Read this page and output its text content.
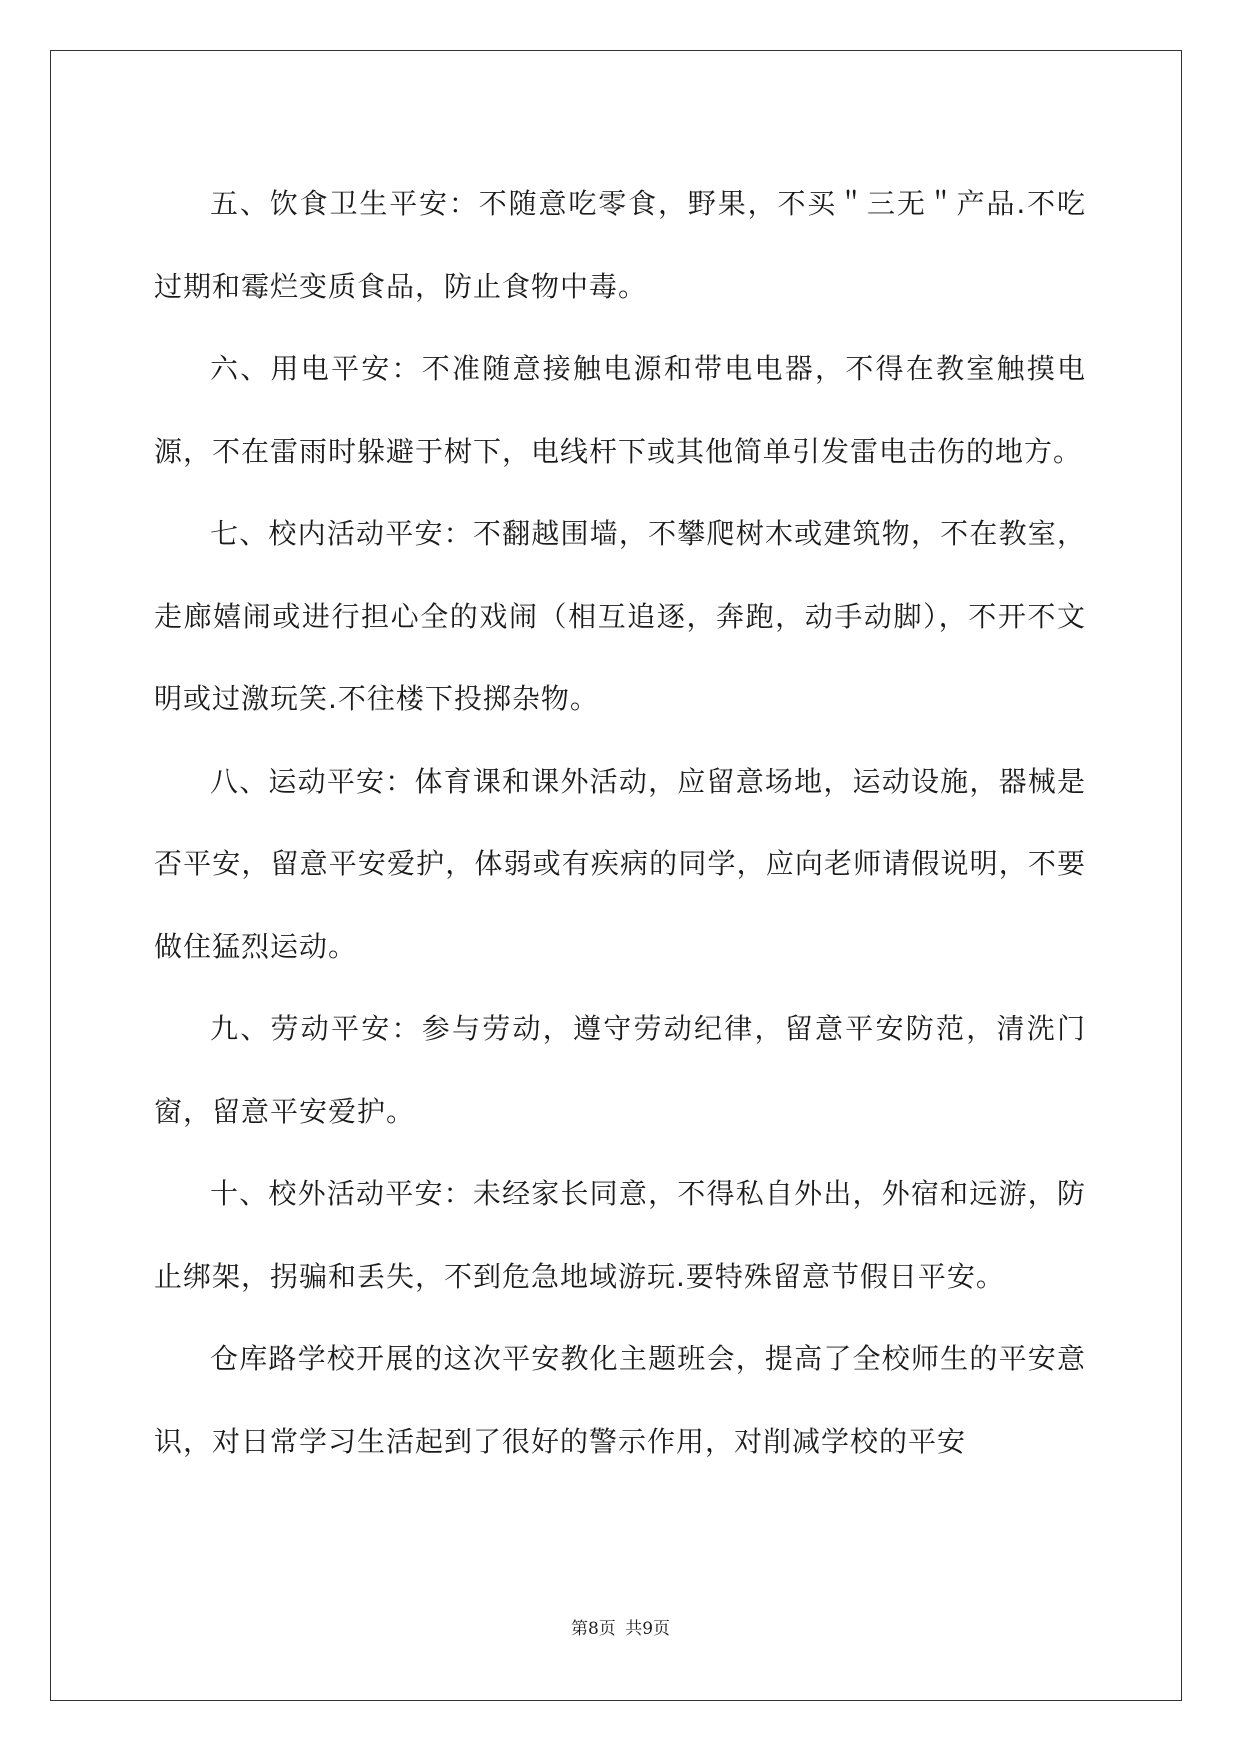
五、饮食卫生平安：不随意吃零食，野果，不买＂三无＂产品.不吃过期和霉烂变质食品，防止食物中毒。

六、用电平安：不准随意接触电源和带电电器，不得在教室触摸电源，不在雷雨时躲避于树下，电线杆下或其他简单引发雷电击伤的地方。

七、校内活动平安：不翻越围墙，不攀爬树木或建筑物，不在教室，走廊嬉闹或进行担心全的戏闹（相互追逐，奔跑，动手动脚），不开不文明或过激玩笑.不往楼下投掷杂物。

八、运动平安：体育课和课外活动，应留意场地，运动设施，器械是否平安，留意平安爱护，体弱或有疾病的同学，应向老师请假说明，不要做住猛烈运动。

九、劳动平安：参与劳动，遵守劳动纪律，留意平安防范，清洗门窗，留意平安爱护。

十、校外活动平安：未经家长同意，不得私自外出，外宿和远游，防止绑架，拐骗和丢失，不到危急地域游玩.要特殊留意节假日平安。

仓库路学校开展的这次平安教化主题班会，提高了全校师生的平安意识，对日常学习生活起到了很好的警示作用，对削减学校的平安

第8页 共9页
